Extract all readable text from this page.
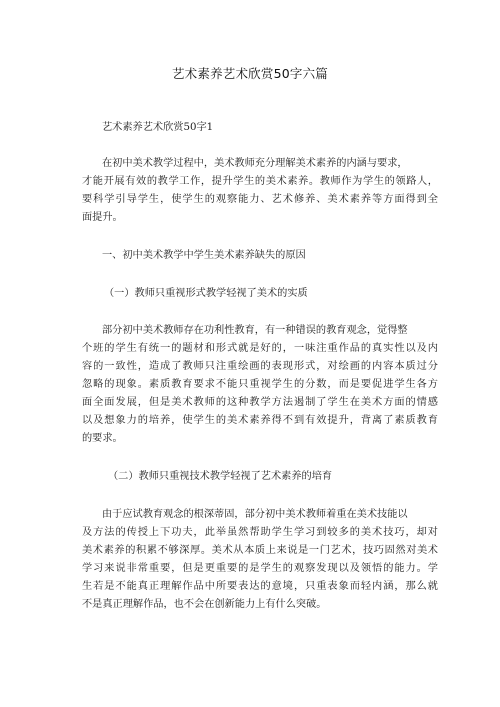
艺术素养艺术欣赏50字六篇
艺术素养艺术欣赏50字1
在初中美术教学过程中，美术教师充分理解美术素养的内涵与要求，
才能开展有效的教学工作，提升学生的美术素养。教师作为学生的领路人，
要科学引导学生，使学生的观察能力、艺术修养、美术素养等方面得到全
面提升。
一、初中美术教学中学生美术素养缺失的原因
（一）教师只重视形式教学轻视了美术的实质
部分初中美术教师存在功利性教育，有一种错误的教育观念，觉得整
个班的学生有统一的题材和形式就是好的，一味注重作品的真实性以及内
容的一致性，造成了教师只注重绘画的表现形式，对绘画的内容本质过分
忽略的现象。素质教育要求不能只重视学生的分数，而是要促进学生各方
面全面发展，但是美术教师的这种教学方法遏制了学生在美术方面的情感
以及想象力的培养，使学生的美术素养得不到有效提升，背离了素质教育
的要求。
（二）教师只重视技术教学轻视了艺术素养的培育
由于应试教育观念的根深蒂固，部分初中美术教师着重在美术技能以
及方法的传授上下功夫，此举虽然帮助学生学习到较多的美术技巧，却对
美术素养的积累不够深厚。美术从本质上来说是一门艺术，技巧固然对美术
学习来说非常重要，但是更重要的是学生的观察发现以及领悟的能力。学
生若是不能真正理解作品中所要表达的意境，只重表象而轻内涵，那么就
不是真正理解作品，也不会在创新能力上有什么突破。
